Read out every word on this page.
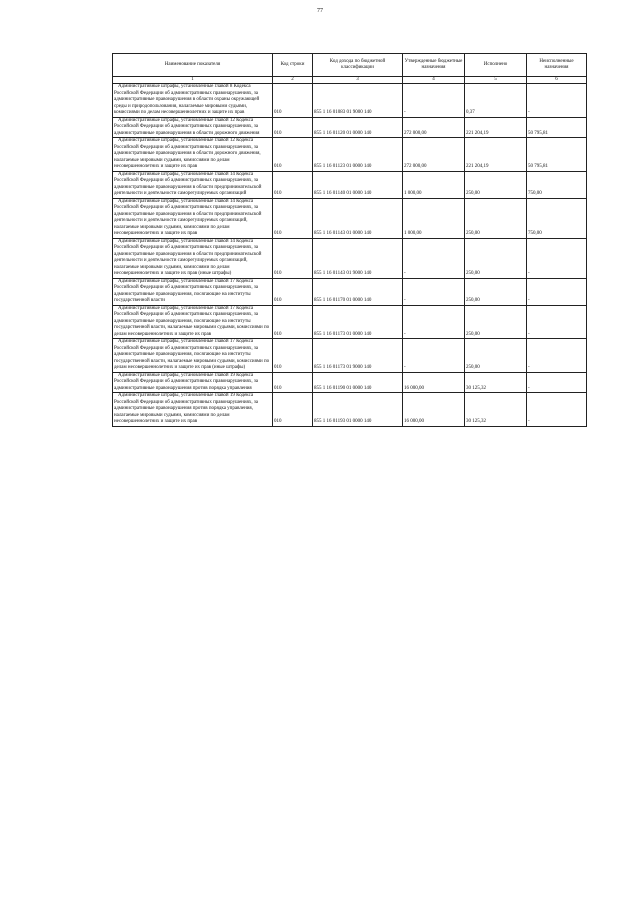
77
Наименование показателя	Код строки	Код дохода по бюджетной классификации	Утвержденные бюджетные назначения	Исполнено	Неисполненные назначения
1	2	3	4	5	6
Административные штрафы, установленные главой 8 Кодекса Российской Федерации об административных правонарушениях, за административные правонарушения в области охраны окружающей среды и природопользования, налагаемые мировыми судьями, комиссиями по делам несовершеннолетних и защите их прав	010	855 1 16 01083 01 9000 140	-	0,37	-
Административные штрафы, установленные главой 12 Кодекса Российской Федерации об административных правонарушениях, за административные правонарушения в области дорожного движения	010	855 1 16 01120 01 0000 140	272 000,00	221 204,19	50 795,81
Административные штрафы, установленные главой 12 Кодекса Российской Федерации об административных правонарушениях, за административные правонарушения в области дорожного движения, налагаемые мировыми судьями, комиссиями по делам несовершеннолетних и защите их прав	010	855 1 16 01123 01 0000 140	272 000,00	221 204,19	50 795,81
Административные штрафы, установленные главой 14 Кодекса Российской Федерации об административных правонарушениях, за административные правонарушения в области предпринимательской деятельности и деятельности саморегулируемых организаций	010	855 1 16 01140 01 0000 140	1 000,00	250,00	750,00
Административные штрафы, установленные главой 14 Кодекса Российской Федерации об административных правонарушениях, за административные правонарушения в области предпринимательской деятельности и деятельности саморегулируемых организаций, налагаемые мировыми судьями, комиссиями по делам несовершеннолетних и защите их прав	010	855 1 16 01143 01 0000 140	1 000,00	250,00	750,00
Административные штрафы, установленные главой 14 Кодекса Российской Федерации об административных правонарушениях, за административные правонарушения в области предпринимательской деятельности и деятельности саморегулируемых организаций, налагаемые мировыми судьями, комиссиями по делам несовершеннолетних и защите их прав (иные штрафы)	010	855 1 16 01143 01 9000 140	-	250,00	-
Административные штрафы, установленные главой 17 Кодекса Российской Федерации об административных правонарушениях, за административные правонарушения, посягающие на институты государственной власти	010	855 1 16 01170 01 0000 140	-	250,00	-
Административные штрафы, установленные главой 17 Кодекса Российской Федерации об административных правонарушениях, за административные правонарушения, посягающие на институты государственной власти, налагаемые мировыми судьями, комиссиями по делам несовершеннолетних и защите их прав	010	855 1 16 01173 01 0000 140	-	250,00	-
Административные штрафы, установленные главой 17 Кодекса Российской Федерации об административных правонарушениях, за административные правонарушения, посягающие на институты государственной власти, налагаемые мировыми судьями, комиссиями по делам несовершеннолетних и защите их прав (иные штрафы)	010	855 1 16 01173 01 9000 140	-	250,00	-
Административные штрафы, установленные главой 19 Кодекса Российской Федерации об административных правонарушениях, за административные правонарушения против порядка управления	010	855 1 16 01190 01 0000 140	16 000,00	30 125,32	-
Административные штрафы, установленные главой 19 Кодекса Российской Федерации об административных правонарушениях, за административные правонарушения против порядка управления, налагаемые мировыми судьями, комиссиями по делам несовершеннолетних и защите их прав	010	855 1 16 01193 01 0000 140	16 000,00	30 125,32	-
